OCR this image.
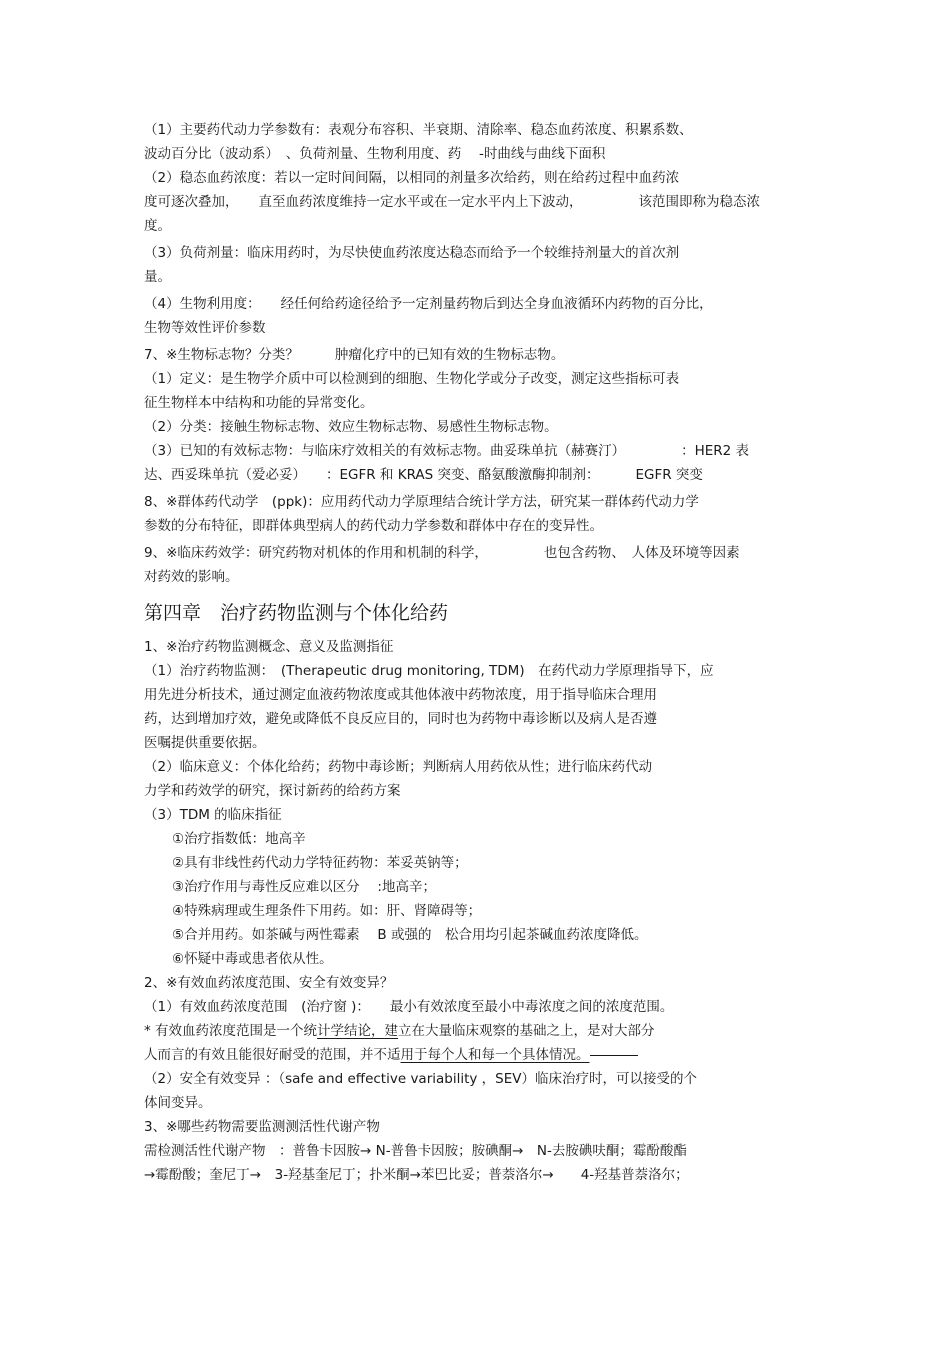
（1）主要药代动力学参数有：表观分布容积、半衰期、清除率、稳态血药浓度、积累系数、
波动百分比（波动系）　、负荷剂量、生物利用度、药　 -时曲线与曲线下面积
（2）稳态血药浓度：若以一定时间间隔，以相同的剂量多次给药，则在给药过程中血药浓
度可逐次叠加， 直至血药浓度维持一定水平或在一定水平内上下波动，	该范围即称为稳态浓
度。
（3）负荷剂量：临床用药时，为尽快使血药浓度达稳态而给予一个较维持剂量大的首次剂
量。
（4）生物利用度： 经任何给药途径给予一定剂量药物后到达全身血液循环内药物的百分比，
生物等效性评价参数
7、※生物标志物？分类？	肿瘤化疗中的已知有效的生物标志物。
（1）定义：是生物学介质中可以检测到的细胞、生物化学或分子改变，测定这些指标可表
征生物样本中结构和功能的异常变化。
（2）分类：接触生物标志物、效应生物标志物、易感性生物标志物。
（3）已知的有效标志物：与临床疗效相关的有效标志物。曲妥珠单抗（赫赛汀）	：HER2 表
达、西妥珠单抗（爱必妥） ：EGFR 和 KRAS 突变、酪氨酸激酶抑制剂：	EGFR 突变
8、※群体药代动学　(ppk)：应用药代动力学原理结合统计学方法，研究某一群体药代动力学
参数的分布特征，即群体典型病人的药代动力学参数和群体中存在的变异性。
9、※临床药效学：研究药物对机体的作用和机制的科学，	也包含药物、　人体及环境等因素
对药效的影响。
第四章　治疗药物监测与个体化给药
1、※治疗药物监测概念、意义及监测指征
（1）治疗药物监测：　(Therapeutic drug monitoring, TDM)　在药代动力学原理指导下，应
用先进分析技术，通过测定血液药物浓度或其他体液中药物浓度，用于指导临床合理用
药，达到增加疗效，避免或降低不良反应目的，同时也为药物中毒诊断以及病人是否遵
医嘱提供重要依据。
（2）临床意义：个体化给药；药物中毒诊断；判断病人用药依从性；进行临床药代动
力学和药效学的研究，探讨新药的给药方案
（3）TDM 的临床指征
①治疗指数低：地高辛
②具有非线性药代动力学特征药物：苯妥英钠等；
③治疗作用与毒性反应难以区分　 :地高辛；
④特殊病理或生理条件下用药。如：肝、肾障碍等；
⑤合并用药。如茶碱与两性霉素　 B 或强的　松合用均引起茶碱血药浓度降低。
⑥怀疑中毒或患者依从性。
2、※有效血药浓度范围、安全有效变异？
（1）有效血药浓度范围　(治疗窗 )： 最小有效浓度至最小中毒浓度之间的浓度范围。
* 有效血药浓度范围是一个统计学结论，建立在大量临床观察的基础之上，是对大部分
人而言的有效且能很好耐受的范围，并不适用于每个人和每一个具体情况。
（2）安全有效变异 ：（safe and effective variability ，SEV）临床治疗时，可以接受的个
体间变异。
3、※哪些药物需要监测测活性代谢产物
需检测活性代谢产物　：普鲁卡因胺→ N-普鲁卡因胺；胺碘酮→　N-去胺碘呋酮；霉酚酸酯
→霉酚酸；奎尼丁→　3-羟基奎尼丁；扑米酮→苯巴比妥；普萘洛尔→　　4-羟基普萘洛尔；
